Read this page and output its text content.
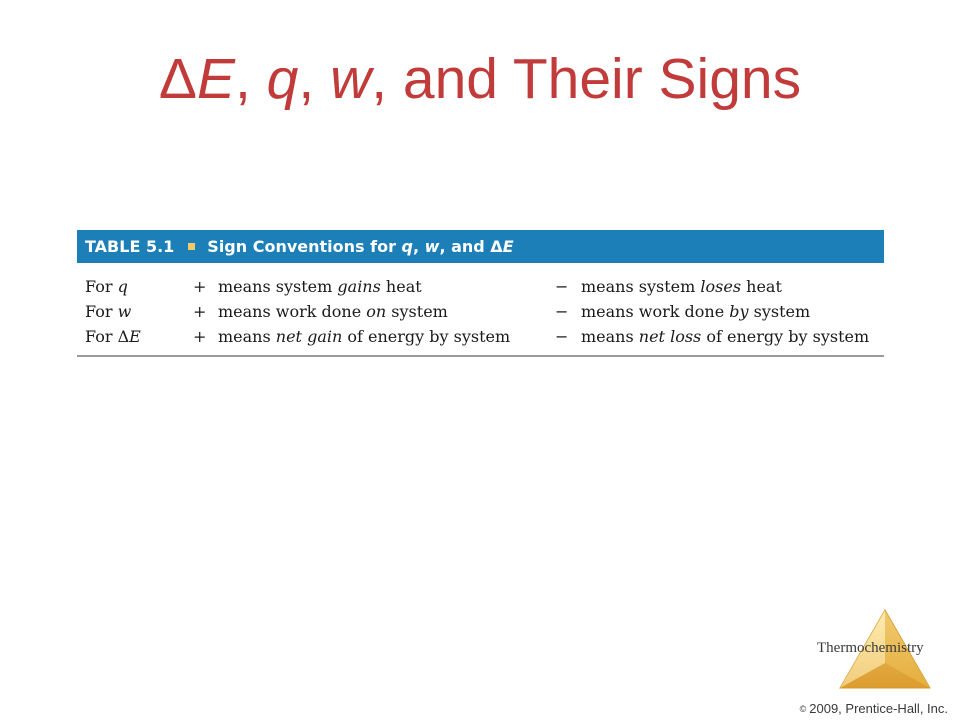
ΔE, q, w, and Their Signs
TABLE 5.1 Sign Conventions for q, w, and ΔE
For q	+ means system gains heat	− means system loses heat
For w	+ means work done on system	− means work done by system
For ΔE	+ means net gain of energy by system	− means net loss of energy by system
Thermochemistry
© 2009, Prentice-Hall, Inc.
